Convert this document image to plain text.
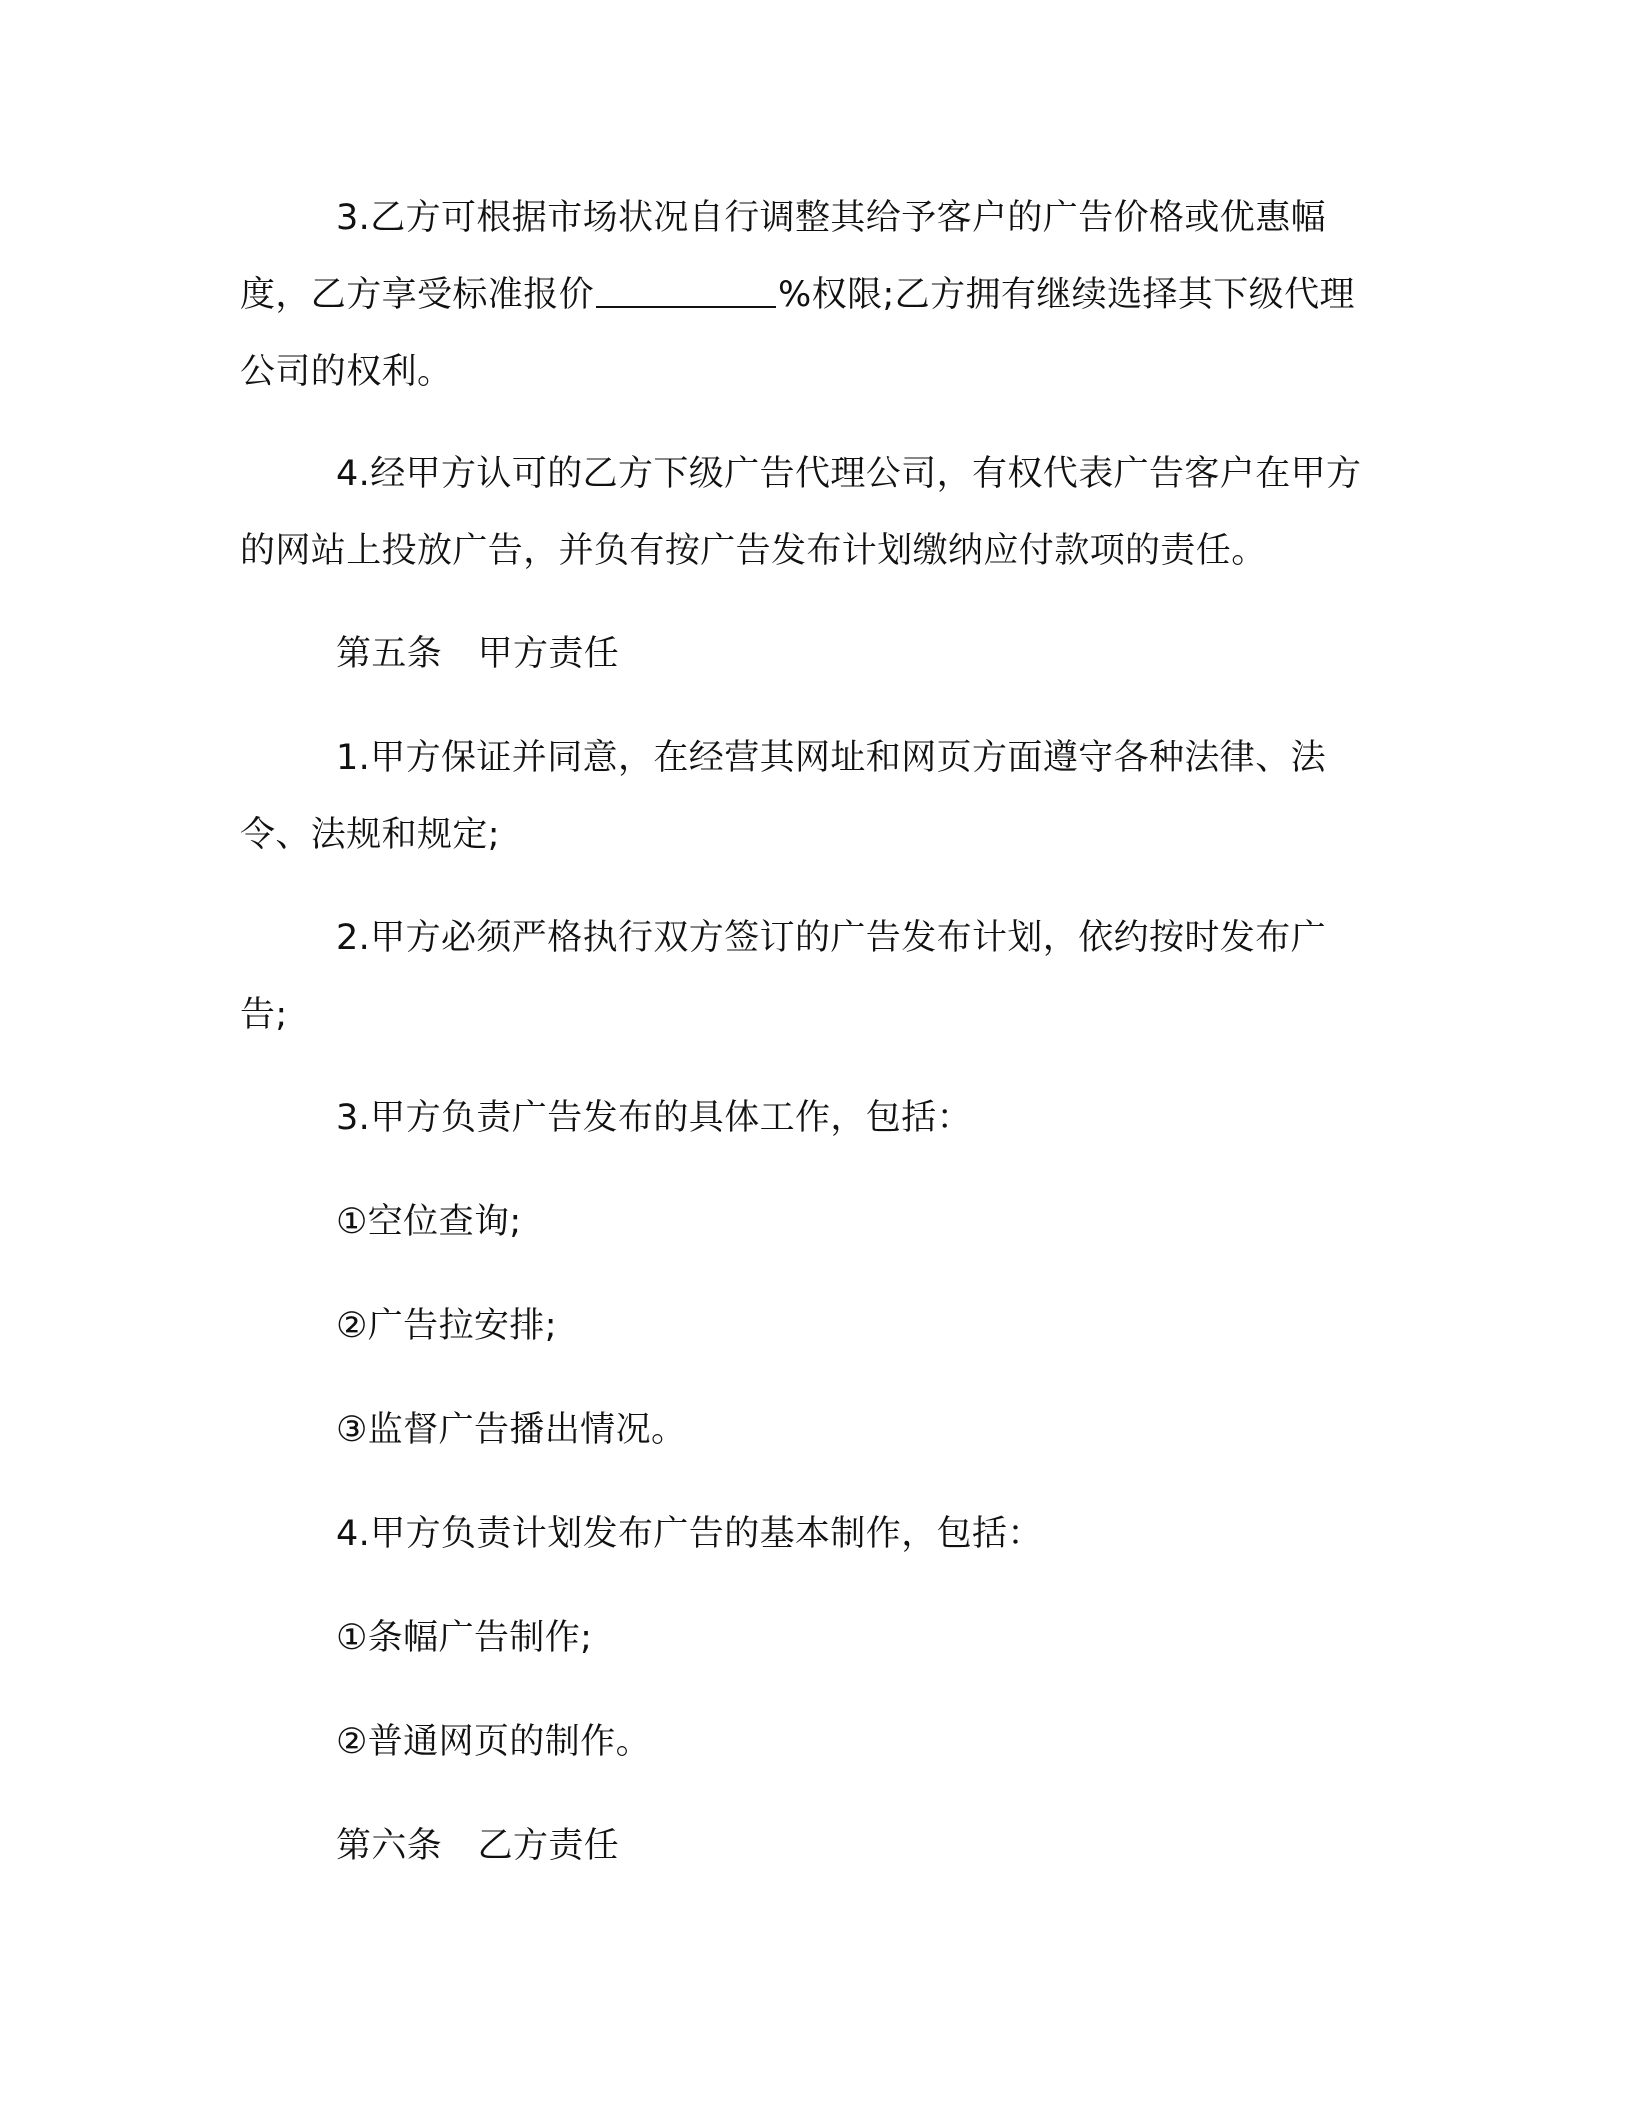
3.乙方可根据市场状况自行调整其给予客户的广告价格或优惠幅度，乙方享受标准报价	%权限;乙方拥有继续选择其下级代理公司的权利。

4.经甲方认可的乙方下级广告代理公司，有权代表广告客户在甲方的网站上投放广告，并负有按广告发布计划缴纳应付款项的责任。

第五条　甲方责任

1.甲方保证并同意，在经营其网址和网页方面遵守各种法律、法令、法规和规定;

2.甲方必须严格执行双方签订的广告发布计划，依约按时发布广告;

3.甲方负责广告发布的具体工作，包括：

①空位查询;

②广告拉安排;

③监督广告播出情况。

4.甲方负责计划发布广告的基本制作，包括：

①条幅广告制作;

②普通网页的制作。

第六条　乙方责任
